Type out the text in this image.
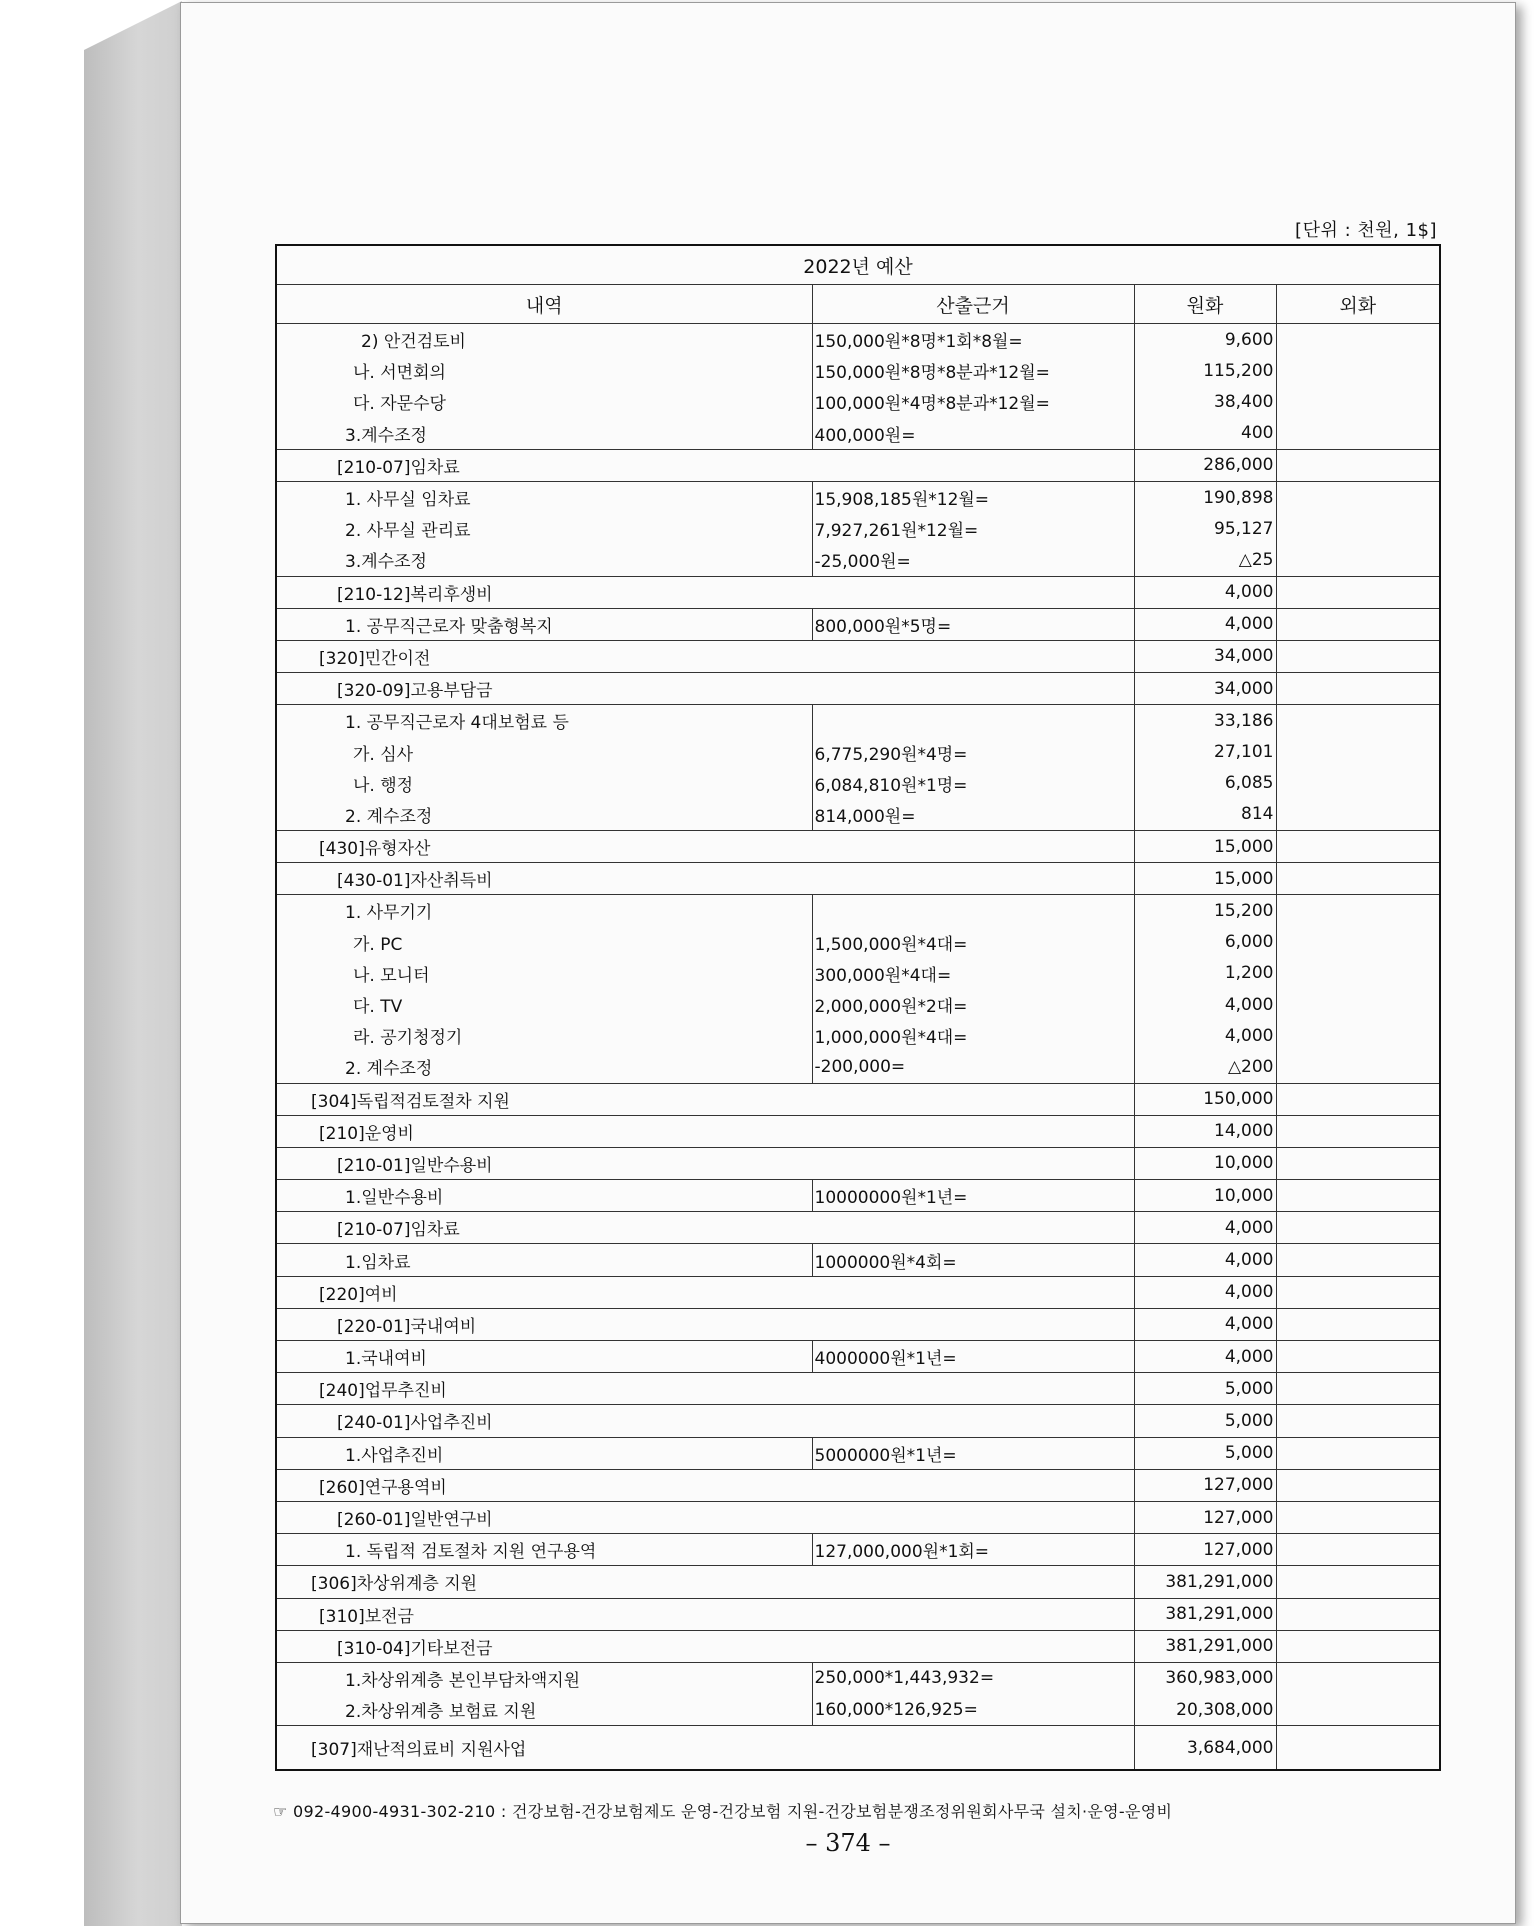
[단위 : 천원, 1$]
2022년 예산			
내역	산출근거	원화	외화
2) 안건검토비	150,000원*8명*1회*8월=	9,600	
나. 서면회의	150,000원*8명*8분과*12월=	115,200	
다. 자문수당	100,000원*4명*8분과*12월=	38,400	
3.계수조정	400,000원=	400	
[210-07]임차료		286,000	
1. 사무실 임차료	15,908,185원*12월=	190,898	
2. 사무실 관리료	7,927,261원*12월=	95,127	
3.계수조정	-25,000원=	△25	
[210-12]복리후생비		4,000	
1. 공무직근로자 맞춤형복지	800,000원*5명=	4,000	
[320]민간이전		34,000	
[320-09]고용부담금		34,000	
1. 공무직근로자 4대보험료 등		33,186	
가. 심사	6,775,290원*4명=	27,101	
나. 행정	6,084,810원*1명=	6,085	
2. 계수조정	814,000원=	814	
[430]유형자산		15,000	
[430-01]자산취득비		15,000	
1. 사무기기		15,200	
가. PC	1,500,000원*4대=	6,000	
나. 모니터	300,000원*4대=	1,200	
다. TV	2,000,000원*2대=	4,000	
라. 공기청정기	1,000,000원*4대=	4,000	
2. 계수조정	-200,000=	△200	
[304]독립적검토절차 지원		150,000	
[210]운영비		14,000	
[210-01]일반수용비		10,000	
1.일반수용비	10000000원*1년=	10,000	
[210-07]임차료		4,000	
1.임차료	1000000원*4회=	4,000	
[220]여비		4,000	
[220-01]국내여비		4,000	
1.국내여비	4000000원*1년=	4,000	
[240]업무추진비		5,000	
[240-01]사업추진비		5,000	
1.사업추진비	5000000원*1년=	5,000	
[260]연구용역비		127,000	
[260-01]일반연구비		127,000	
1. 독립적 검토절차 지원 연구용역	127,000,000원*1회=	127,000	
[306]차상위계층 지원		381,291,000	
[310]보전금		381,291,000	
[310-04]기타보전금		381,291,000	
1.차상위계층 본인부담차액지원	250,000*1,443,932=	360,983,000	
2.차상위계층 보험료 지원	160,000*126,925=	20,308,000	
[307]재난적의료비 지원사업		3,684,000	
☞ 092-4900-4931-302-210 : 건강보험-건강보험제도 운영-건강보험 지원-건강보험분쟁조정위원회사무국 설치·운영-운영비
– 374 –
